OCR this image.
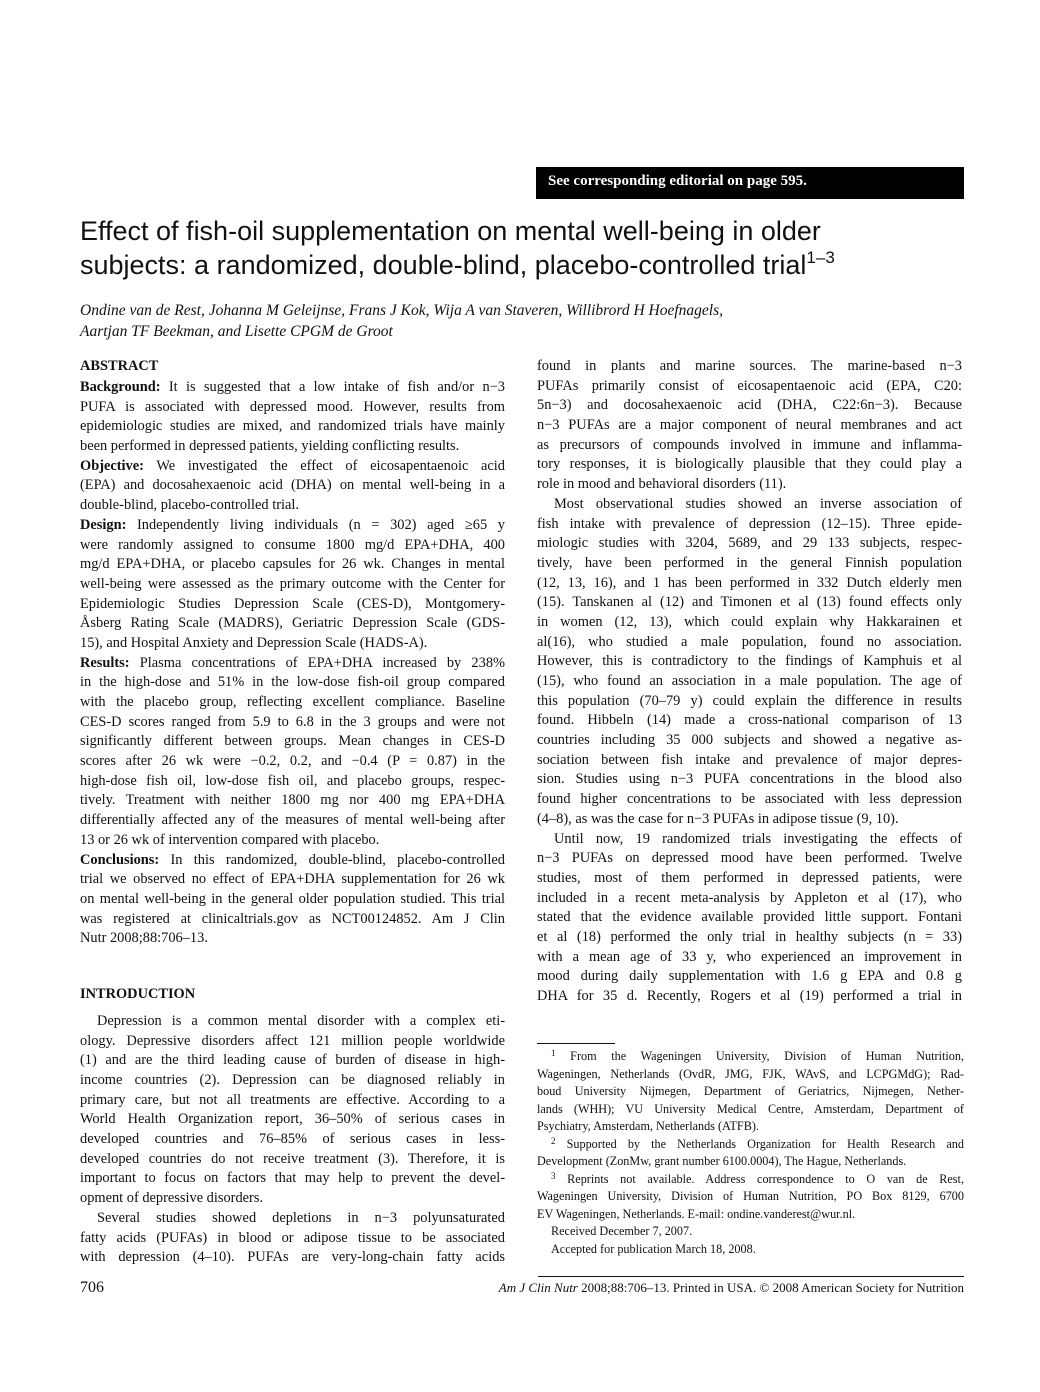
See corresponding editorial on page 595.
Effect of fish-oil supplementation on mental well-being in older
subjects: a randomized, double-blind, placebo-controlled trial$^{1-3}$
Ondine van de Rest, Johanna M Geleijnse, Frans J Kok, Wija A van Staveren, Willibrord H Hoefnagels,
Aartjan TF Beekman, and Lisette CPGM de Groot
ABSTRACT
Background: It is suggested that a low intake of fish and/or n−3
PUFA is associated with depressed mood. However, results from
epidemiologic studies are mixed, and randomized trials have mainly
been performed in depressed patients, yielding conflicting results.
Objective: We investigated the effect of eicosapentaenoic acid
(EPA) and docosahexaenoic acid (DHA) on mental well-being in a
double-blind, placebo-controlled trial.
Design: Independently living individuals (n = 302) aged ≥65 y
were randomly assigned to consume 1800 mg/d EPA+DHA, 400
mg/d EPA+DHA, or placebo capsules for 26 wk. Changes in mental
well-being were assessed as the primary outcome with the Center for
Epidemiologic Studies Depression Scale (CES-D), Montgomery-
Åsberg Rating Scale (MADRS), Geriatric Depression Scale (GDS-
15), and Hospital Anxiety and Depression Scale (HADS-A).
Results: Plasma concentrations of EPA+DHA increased by 238%
in the high-dose and 51% in the low-dose fish-oil group compared
with the placebo group, reflecting excellent compliance. Baseline
CES-D scores ranged from 5.9 to 6.8 in the 3 groups and were not
significantly different between groups. Mean changes in CES-D
scores after 26 wk were −0.2, 0.2, and −0.4 (P = 0.87) in the
high-dose fish oil, low-dose fish oil, and placebo groups, respec-
tively. Treatment with neither 1800 mg nor 400 mg EPA+DHA
differentially affected any of the measures of mental well-being after
13 or 26 wk of intervention compared with placebo.
Conclusions: In this randomized, double-blind, placebo-controlled
trial we observed no effect of EPA+DHA supplementation for 26 wk
on mental well-being in the general older population studied. This trial
was registered at clinicaltrials.gov as NCT00124852. Am J Clin
Nutr 2008;88:706–13.
INTRODUCTION
Depression is a common mental disorder with a complex eti-
ology. Depressive disorders affect 121 million people worldwide
(1) and are the third leading cause of burden of disease in high-
income countries (2). Depression can be diagnosed reliably in
primary care, but not all treatments are effective. According to a
World Health Organization report, 36–50% of serious cases in
developed countries and 76–85% of serious cases in less-
developed countries do not receive treatment (3). Therefore, it is
important to focus on factors that may help to prevent the devel-
opment of depressive disorders.
Several studies showed depletions in n−3 polyunsaturated
fatty acids (PUFAs) in blood or adipose tissue to be associated
with depression (4–10). PUFAs are very-long-chain fatty acids
found in plants and marine sources. The marine-based n−3
PUFAs primarily consist of eicosapentaenoic acid (EPA, C20:
5n−3) and docosahexaenoic acid (DHA, C22:6n−3). Because
n−3 PUFAs are a major component of neural membranes and act
as precursors of compounds involved in immune and inflamma-
tory responses, it is biologically plausible that they could play a
role in mood and behavioral disorders (11).
Most observational studies showed an inverse association of
fish intake with prevalence of depression (12–15). Three epide-
miologic studies with 3204, 5689, and 29 133 subjects, respec-
tively, have been performed in the general Finnish population
(12, 13, 16), and 1 has been performed in 332 Dutch elderly men
(15). Tanskanen al (12) and Timonen et al (13) found effects only
in women (12, 13), which could explain why Hakkarainen et
al(16), who studied a male population, found no association.
However, this is contradictory to the findings of Kamphuis et al
(15), who found an association in a male population. The age of
this population (70–79 y) could explain the difference in results
found. Hibbeln (14) made a cross-national comparison of 13
countries including 35 000 subjects and showed a negative as-
sociation between fish intake and prevalence of major depres-
sion. Studies using n−3 PUFA concentrations in the blood also
found higher concentrations to be associated with less depression
(4–8), as was the case for n−3 PUFAs in adipose tissue (9, 10).
Until now, 19 randomized trials investigating the effects of
n−3 PUFAs on depressed mood have been performed. Twelve
studies, most of them performed in depressed patients, were
included in a recent meta-analysis by Appleton et al (17), who
stated that the evidence available provided little support. Fontani
et al (18) performed the only trial in healthy subjects (n = 33)
with a mean age of 33 y, who experienced an improvement in
mood during daily supplementation with 1.6 g EPA and 0.8 g
DHA for 35 d. Recently, Rogers et al (19) performed a trial in
$^1$ From the Wageningen University, Division of Human Nutrition,
Wageningen, Netherlands (OvdR, JMG, FJK, WAvS, and LCPGMdG); Rad-
boud University Nijmegen, Department of Geriatrics, Nijmegen, Nether-
lands (WHH); VU University Medical Centre, Amsterdam, Department of
Psychiatry, Amsterdam, Netherlands (ATFB).
$^2$ Supported by the Netherlands Organization for Health Research and
Development (ZonMw, grant number 6100.0004), The Hague, Netherlands.
$^3$ Reprints not available. Address correspondence to O van de Rest,
Wageningen University, Division of Human Nutrition, PO Box 8129, 6700
EV Wageningen, Netherlands. E-mail: ondine.vanderest@wur.nl.
Received December 7, 2007.
Accepted for publication March 18, 2008.
706	Am J Clin Nutr 2008;88:706–13. Printed in USA. © 2008 American Society for Nutrition
